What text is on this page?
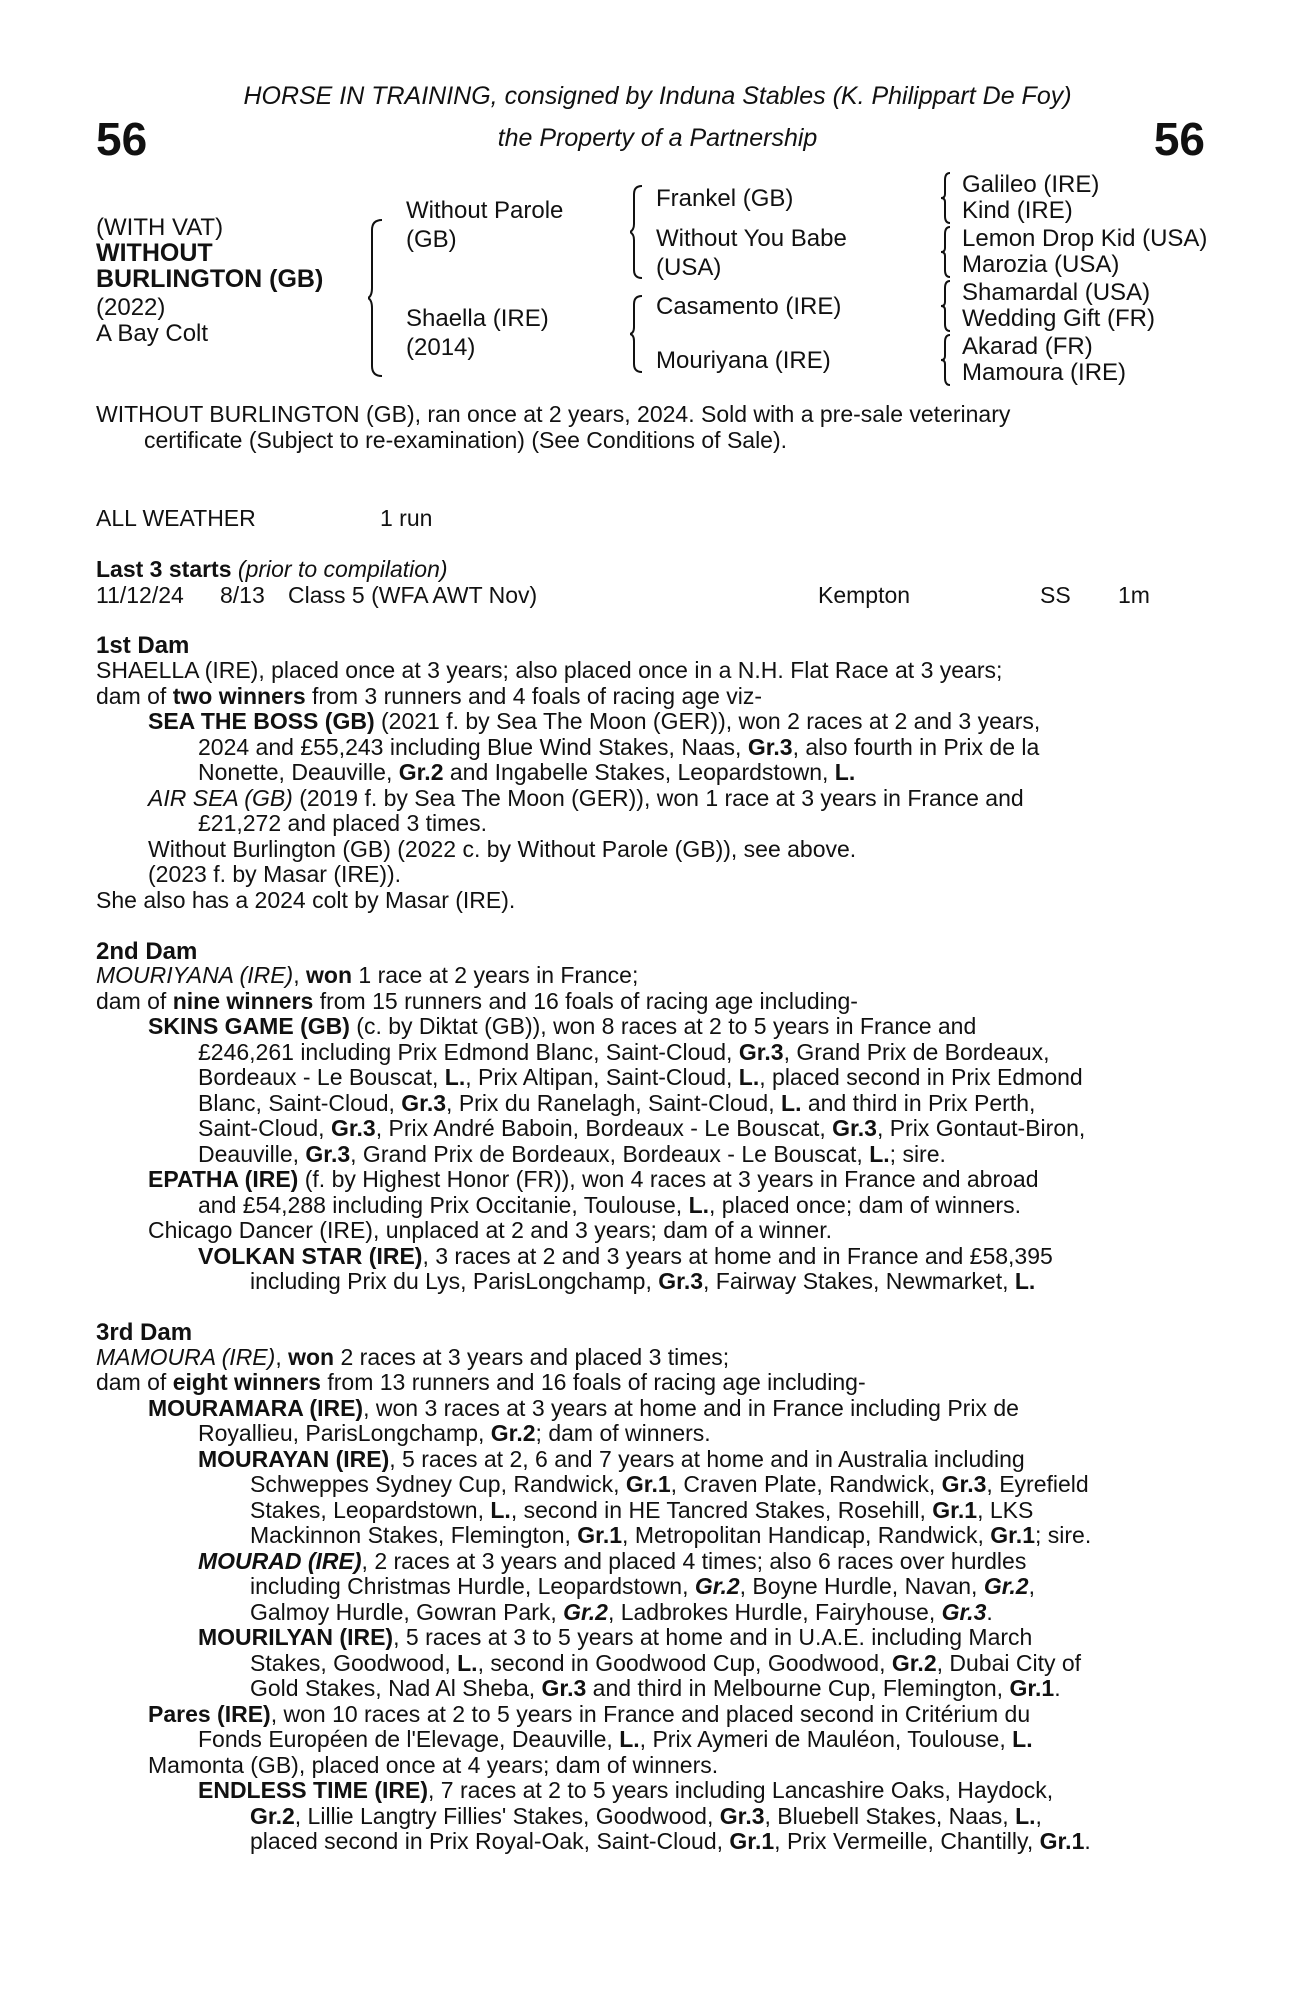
56	56
HORSE IN TRAINING, consigned by Induna Stables (K. Philippart De Foy)
the Property of a Partnership
(WITH VAT)
WITHOUT
BURLINGTON (GB)
(2022)
A Bay Colt
Without Parole
(GB)
Shaella (IRE)
(2014)
Frankel (GB)
Without You Babe
(USA)
Casamento (IRE)
Mouriyana (IRE)
Galileo (IRE)
Kind (IRE)
Lemon Drop Kid (USA)
Marozia (USA)
Shamardal (USA)
Wedding Gift (FR)
Akarad (FR)
Mamoura (IRE)
WITHOUT BURLINGTON (GB), ran once at 2 years, 2024. Sold with a pre-sale veterinary
certificate (Subject to re-examination) (See Conditions of Sale).
ALL WEATHER	1 run
Last 3 starts (prior to compilation)
11/12/24 8/13 Class 5 (WFA AWT Nov)	Kempton	SS 1m
1st Dam
SHAELLA (IRE), placed once at 3 years; also placed once in a N.H. Flat Race at 3 years;
dam of two winners from 3 runners and 4 foals of racing age viz-
SEA THE BOSS (GB) (2021 f. by Sea The Moon (GER)), won 2 races at 2 and 3 years,
2024 and £55,243 including Blue Wind Stakes, Naas, Gr.3, also fourth in Prix de la
Nonette, Deauville, Gr.2 and Ingabelle Stakes, Leopardstown, L.
AIR SEA (GB) (2019 f. by Sea The Moon (GER)), won 1 race at 3 years in France and
£21,272 and placed 3 times.
Without Burlington (GB) (2022 c. by Without Parole (GB)), see above.
(2023 f. by Masar (IRE)).
She also has a 2024 colt by Masar (IRE).
2nd Dam
MOURIYANA (IRE), won 1 race at 2 years in France;
dam of nine winners from 15 runners and 16 foals of racing age including-
SKINS GAME (GB) (c. by Diktat (GB)), won 8 races at 2 to 5 years in France and
£246,261 including Prix Edmond Blanc, Saint-Cloud, Gr.3, Grand Prix de Bordeaux,
Bordeaux - Le Bouscat, L., Prix Altipan, Saint-Cloud, L., placed second in Prix Edmond
Blanc, Saint-Cloud, Gr.3, Prix du Ranelagh, Saint-Cloud, L. and third in Prix Perth,
Saint-Cloud, Gr.3, Prix André Baboin, Bordeaux - Le Bouscat, Gr.3, Prix Gontaut-Biron,
Deauville, Gr.3, Grand Prix de Bordeaux, Bordeaux - Le Bouscat, L.; sire.
EPATHA (IRE) (f. by Highest Honor (FR)), won 4 races at 3 years in France and abroad
and £54,288 including Prix Occitanie, Toulouse, L., placed once; dam of winners.
Chicago Dancer (IRE), unplaced at 2 and 3 years; dam of a winner.
VOLKAN STAR (IRE), 3 races at 2 and 3 years at home and in France and £58,395
including Prix du Lys, ParisLongchamp, Gr.3, Fairway Stakes, Newmarket, L.
3rd Dam
MAMOURA (IRE), won 2 races at 3 years and placed 3 times;
dam of eight winners from 13 runners and 16 foals of racing age including-
MOURAMARA (IRE), won 3 races at 3 years at home and in France including Prix de
Royallieu, ParisLongchamp, Gr.2; dam of winners.
MOURAYAN (IRE), 5 races at 2, 6 and 7 years at home and in Australia including
Schweppes Sydney Cup, Randwick, Gr.1, Craven Plate, Randwick, Gr.3, Eyrefield
Stakes, Leopardstown, L., second in HE Tancred Stakes, Rosehill, Gr.1, LKS
Mackinnon Stakes, Flemington, Gr.1, Metropolitan Handicap, Randwick, Gr.1; sire.
MOURAD (IRE), 2 races at 3 years and placed 4 times; also 6 races over hurdles
including Christmas Hurdle, Leopardstown, Gr.2, Boyne Hurdle, Navan, Gr.2,
Galmoy Hurdle, Gowran Park, Gr.2, Ladbrokes Hurdle, Fairyhouse, Gr.3.
MOURILYAN (IRE), 5 races at 3 to 5 years at home and in U.A.E. including March
Stakes, Goodwood, L., second in Goodwood Cup, Goodwood, Gr.2, Dubai City of
Gold Stakes, Nad Al Sheba, Gr.3 and third in Melbourne Cup, Flemington, Gr.1.
Pares (IRE), won 10 races at 2 to 5 years in France and placed second in Critérium du
Fonds Européen de l'Elevage, Deauville, L., Prix Aymeri de Mauléon, Toulouse, L.
Mamonta (GB), placed once at 4 years; dam of winners.
ENDLESS TIME (IRE), 7 races at 2 to 5 years including Lancashire Oaks, Haydock,
Gr.2, Lillie Langtry Fillies' Stakes, Goodwood, Gr.3, Bluebell Stakes, Naas, L.,
placed second in Prix Royal-Oak, Saint-Cloud, Gr.1, Prix Vermeille, Chantilly, Gr.1.
